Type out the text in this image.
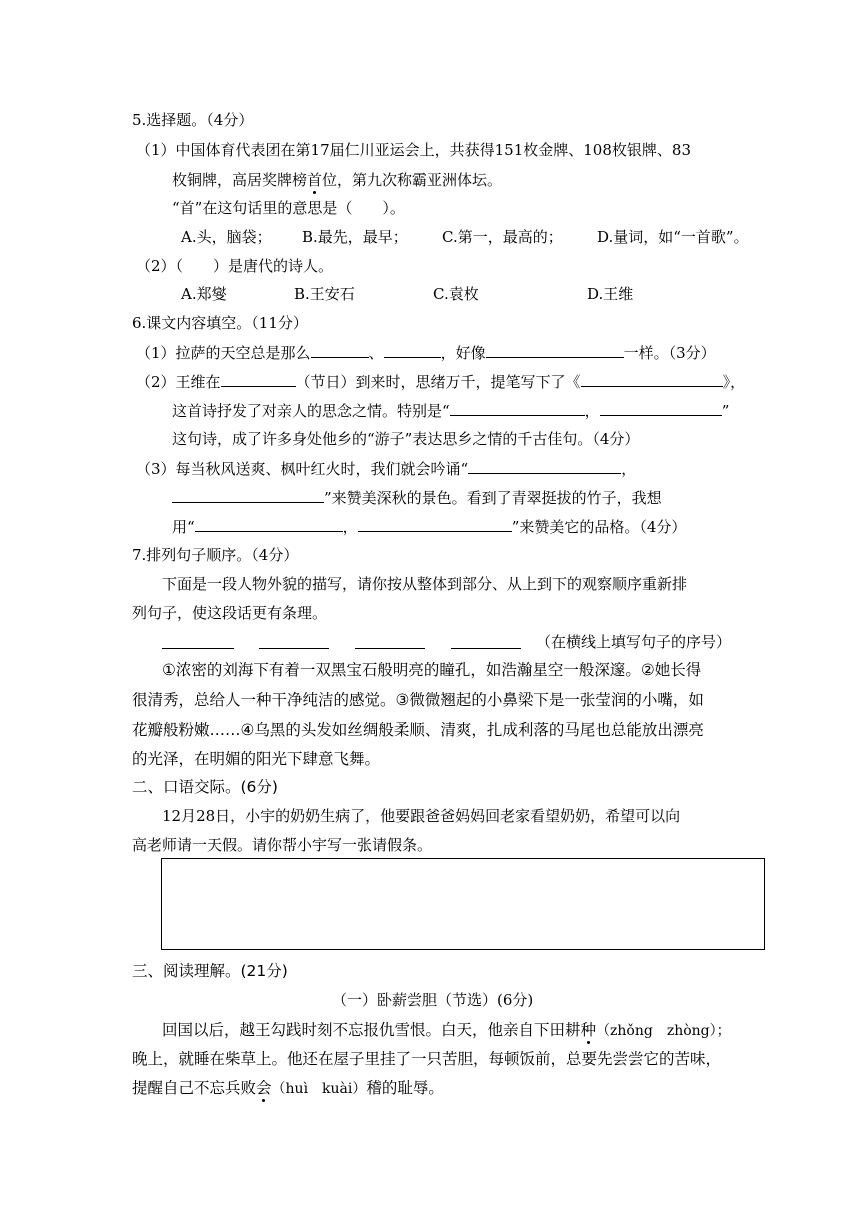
5.选择题。（4分）
（1）中国体育代表团在第17届仁川亚运会上，共获得151枚金牌、108枚银牌、83
枚铜牌，高居奖牌榜首位，第九次称霸亚洲体坛。
“首”在这句话里的意思是（　　）。
A.头，脑袋； B.最先，最早； C.第一，最高的； D.量词，如“一首歌”。
（2）（　　）是唐代的诗人。
A.郑燮	B.王安石	C.袁枚	D.王维
6.课文内容填空。（11分）
（1）拉萨的天空总是那么	、	，好像	一样。（3分）
（2）王维在	（节日）到来时，思绪万千，提笔写下了《	》，
这首诗抒发了对亲人的思念之情。特别是“	，	”
这句诗，成了许多身处他乡的“游子”表达思乡之情的千古佳句。（4分）
（3）每当秋风送爽、枫叶红火时，我们就会吟诵“	，
”来赞美深秋的景色。看到了青翠挺拔的竹子，我想
用“	，	”来赞美它的品格。（4分）
7.排列句子顺序。（4分）
下面是一段人物外貌的描写，请你按从整体到部分、从上到下的观察顺序重新排
列句子，使这段话更有条理。
（在横线上填写句子的序号）
①浓密的刘海下有着一双黑宝石般明亮的瞳孔，如浩瀚星空一般深邃。②她长得
很清秀，总给人一种干净纯洁的感觉。③微微翘起的小鼻梁下是一张莹润的小嘴，如
花瓣般粉嫩……④乌黑的头发如丝绸般柔顺、清爽，扎成利落的马尾也总能放出漂亮
的光泽，在明媚的阳光下肆意飞舞。
二、口语交际。(6分)
12月28日，小宇的奶奶生病了，他要跟爸爸妈妈回老家看望奶奶，希望可以向
高老师请一天假。请你帮小宇写一张请假条。
三、阅读理解。(21分)
（一）卧薪尝胆（节选）(6分)
回国以后，越王勾践时刻不忘报仇雪恨。白天，他亲自下田耕种（zhǒng　zhòng）；
晚上，就睡在柴草上。他还在屋子里挂了一只苦胆，每顿饭前，总要先尝尝它的苦味，
提醒自己不忘兵败会（huì　kuài）稽的耻辱。
